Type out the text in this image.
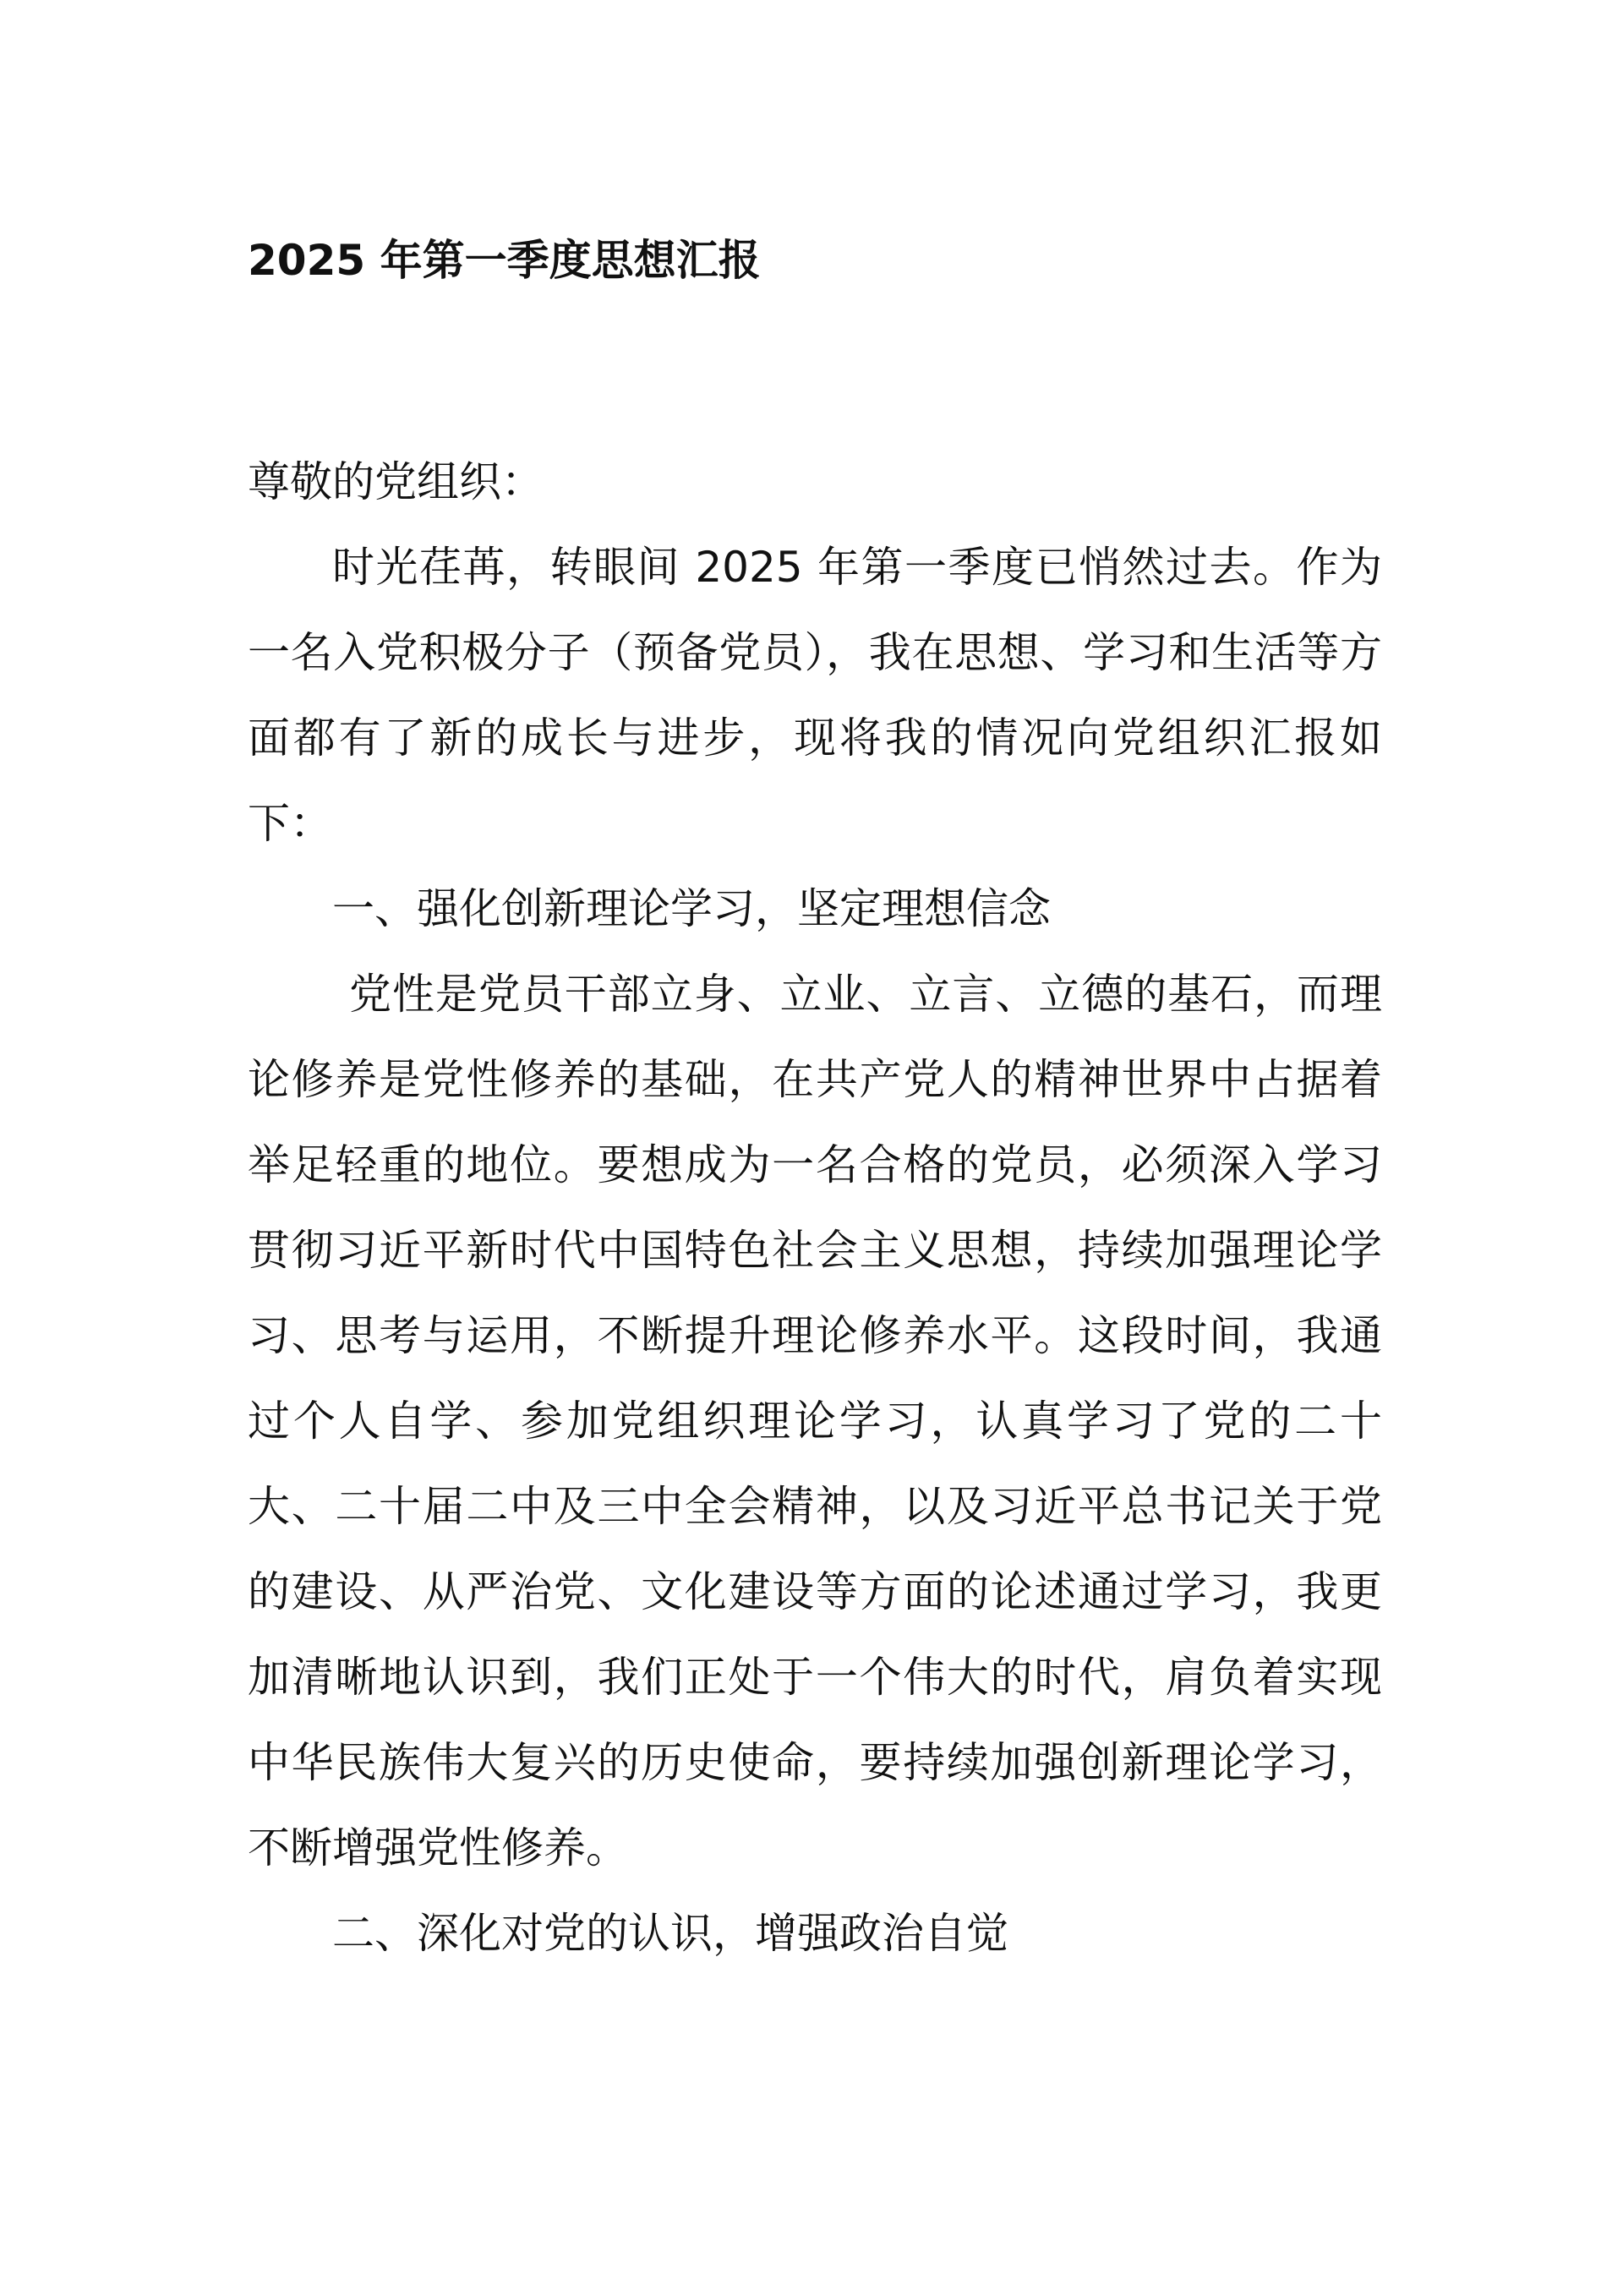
2025 年第一季度思想汇报

尊敬的党组织：

时光荏苒，转眼间 2025 年第一季度已悄然过去。作为一名入党积极分子（预备党员），我在思想、学习和生活等方面都有了新的成长与进步，现将我的情况向党组织汇报如下：

一、强化创新理论学习，坚定理想信念

党性是党员干部立身、立业、立言、立德的基石，而理论修养是党性修养的基础，在共产党人的精神世界中占据着举足轻重的地位。要想成为一名合格的党员，必须深入学习贯彻习近平新时代中国特色社会主义思想，持续加强理论学习、思考与运用，不断提升理论修养水平。这段时间，我通过个人自学、参加党组织理论学习，认真学习了党的二十大、二十届二中及三中全会精神，以及习近平总书记关于党的建设、从严治党、文化建设等方面的论述通过学习，我更加清晰地认识到，我们正处于一个伟大的时代，肩负着实现中华民族伟大复兴的历史使命，要持续加强创新理论学习，不断增强党性修养。

二、深化对党的认识，增强政治自觉
